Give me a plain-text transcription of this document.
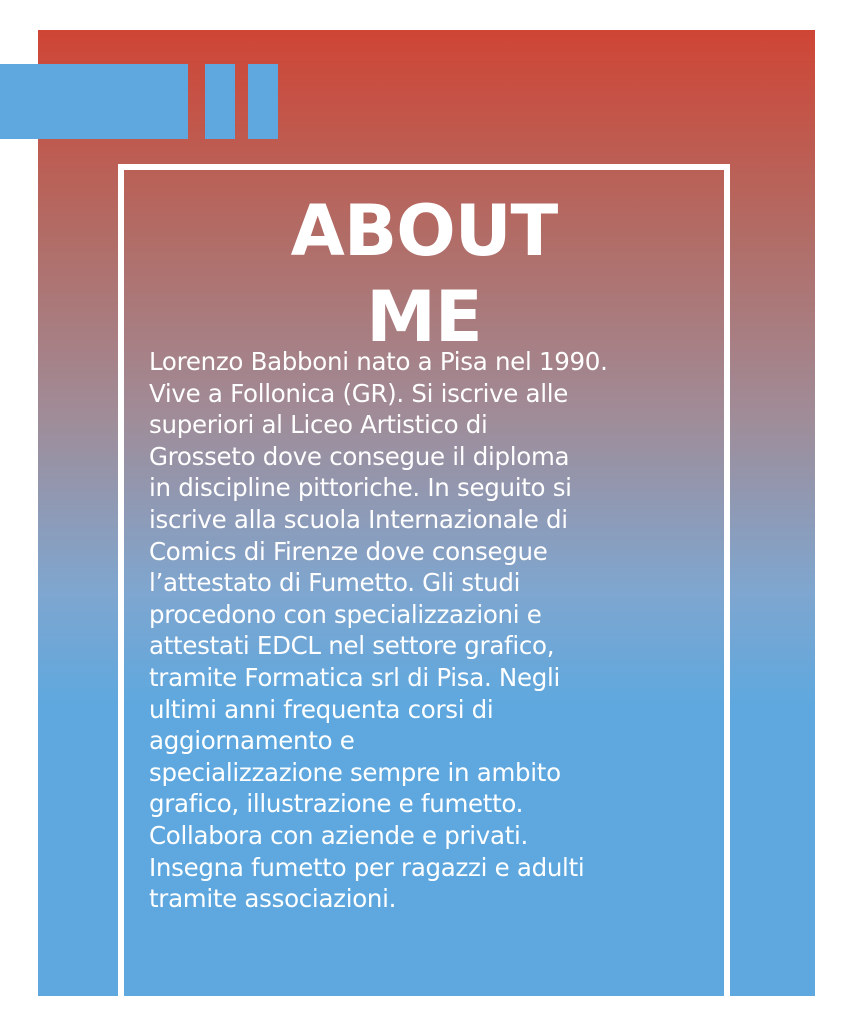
ABOUT
ME

Lorenzo Babboni nato a Pisa nel 1990.
Vive a Follonica (GR). Si iscrive alle
superiori al Liceo Artistico di
Grosseto dove consegue il diploma
in discipline pittoriche. In seguito si
iscrive alla scuola Internazionale di
Comics di Firenze dove consegue
l’attestato di Fumetto. Gli studi
procedono con specializzazioni e
attestati EDCL nel settore grafico,
tramite Formatica srl di Pisa. Negli
ultimi anni frequenta corsi di
aggiornamento e
specializzazione sempre in ambito
grafico, illustrazione e fumetto.
Collabora con aziende e privati.
Insegna fumetto per ragazzi e adulti
tramite associazioni.
